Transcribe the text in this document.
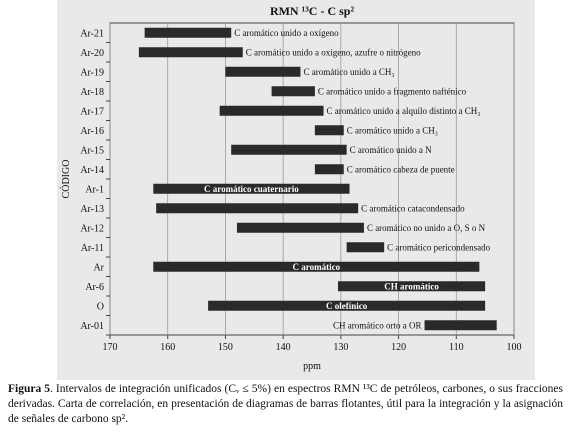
RMN ¹³C - C sp²
170	160	150	140	130	120	110	100
ppm
CÓDIGO
Ar-21	C aromático unido a oxígeno
Ar-20	C aromático unido a oxígeno, azufre o nitrógeno
Ar-19	C aromático unido a CH₃
Ar-18	C aromático unido a fragmento nafténico
Ar-17	C aromático unido a alquilo distinto a CH₃
Ar-16	C aromático unido a CH₃
Ar-15	C aromático unido a N
Ar-14	C aromático cabeza de puente
Ar-1	C aromático cuaternario
Ar-13	C aromático catacondensado
Ar-12	C aromático no unido a O, S o N
Ar-11	C aromático pericondensado
Ar	C aromático
Ar-6	CH aromático
O	C olefínico
Ar-01	CH aromático orto a OR
Figura 5. Intervalos de integración unificados (Cᵥ ≤ 5%) en espectros RMN ¹³C de petróleos, carbones, o sus fracciones derivadas. Carta de correlación, en presentación de diagramas de barras flotantes, útil para la integración y la asignación de señales de carbono sp².
